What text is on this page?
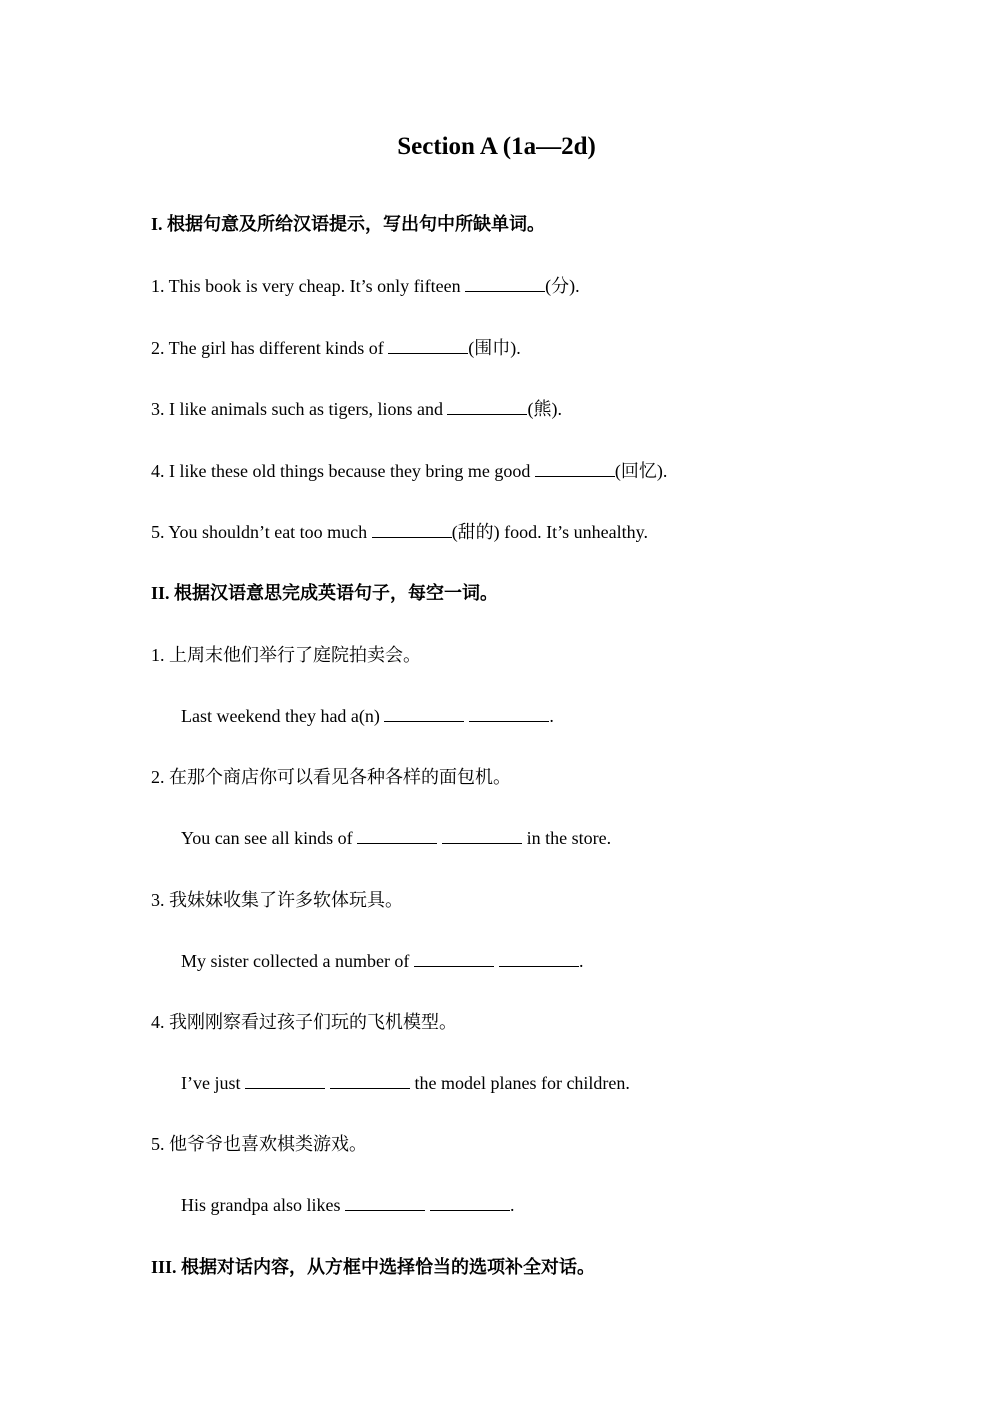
Section A (1a—2d)

I. 根据句意及所给汉语提示，写出句中所缺单词。

1. This book is very cheap. It’s only fifteen	(分).

2. The girl has different kinds of	(围巾).

3. I like animals such as tigers, lions and	(熊).

4. I like these old things because they bring me good	(回忆).

5. You shouldn’t eat too much	(甜的) food. It’s unhealthy.

II. 根据汉语意思完成英语句子，每空一词。

1. 上周末他们举行了庭院拍卖会。

Last weekend they had a(n)	.

2. 在那个商店你可以看见各种各样的面包机。

You can see all kinds of	in the store.

3. 我妹妹收集了许多软体玩具。

My sister collected a number of	.

4. 我刚刚察看过孩子们玩的飞机模型。

I’ve just	the model planes for children.

5. 他爷爷也喜欢棋类游戏。

His grandpa also likes	.

III. 根据对话内容，从方框中选择恰当的选项补全对话。
